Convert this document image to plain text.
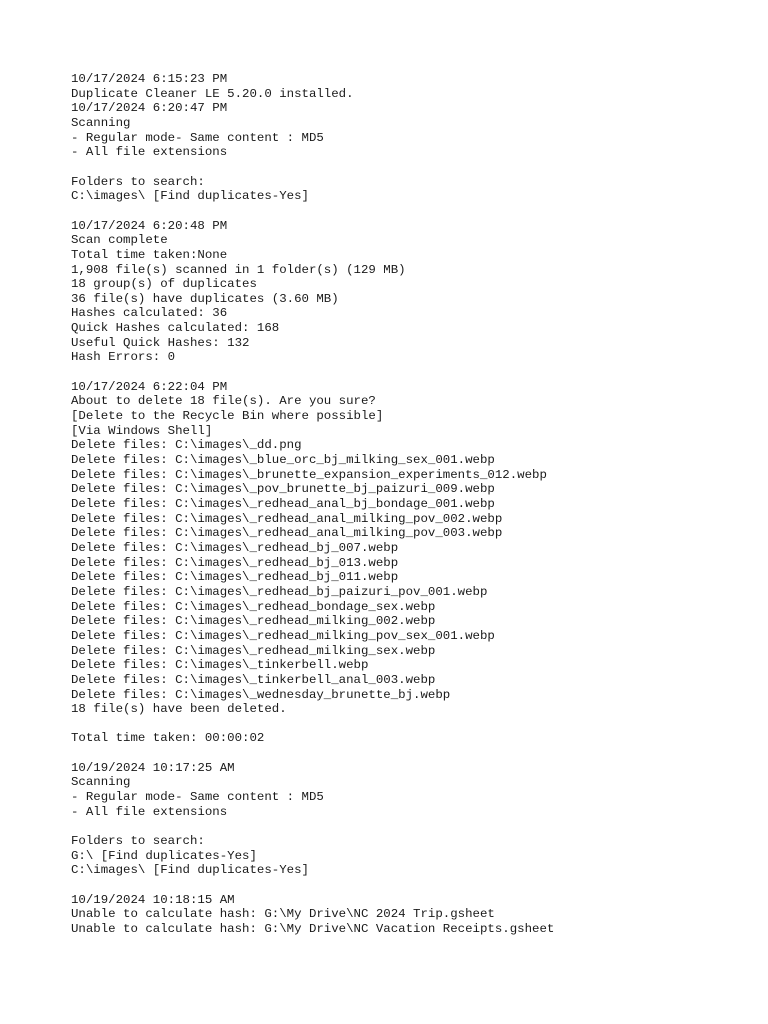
10/17/2024 6:15:23 PM
Duplicate Cleaner LE 5.20.0 installed.
10/17/2024 6:20:47 PM
Scanning
- Regular mode- Same content : MD5
- All file extensions
Folders to search:
C:\images\ [Find duplicates-Yes]
10/17/2024 6:20:48 PM
Scan complete
Total time taken:None
1,908 file(s) scanned in 1 folder(s) (129 MB)
18 group(s) of duplicates
36 file(s) have duplicates (3.60 MB)
Hashes calculated: 36
Quick Hashes calculated: 168
Useful Quick Hashes: 132
Hash Errors: 0
10/17/2024 6:22:04 PM
About to delete 18 file(s). Are you sure?
[Delete to the Recycle Bin where possible]
[Via Windows Shell]
Delete files: C:\images\_dd.png
Delete files: C:\images\_blue_orc_bj_milking_sex_001.webp
Delete files: C:\images\_brunette_expansion_experiments_012.webp
Delete files: C:\images\_pov_brunette_bj_paizuri_009.webp
Delete files: C:\images\_redhead_anal_bj_bondage_001.webp
Delete files: C:\images\_redhead_anal_milking_pov_002.webp
Delete files: C:\images\_redhead_anal_milking_pov_003.webp
Delete files: C:\images\_redhead_bj_007.webp
Delete files: C:\images\_redhead_bj_013.webp
Delete files: C:\images\_redhead_bj_011.webp
Delete files: C:\images\_redhead_bj_paizuri_pov_001.webp
Delete files: C:\images\_redhead_bondage_sex.webp
Delete files: C:\images\_redhead_milking_002.webp
Delete files: C:\images\_redhead_milking_pov_sex_001.webp
Delete files: C:\images\_redhead_milking_sex.webp
Delete files: C:\images\_tinkerbell.webp
Delete files: C:\images\_tinkerbell_anal_003.webp
Delete files: C:\images\_wednesday_brunette_bj.webp
18 file(s) have been deleted.
Total time taken: 00:00:02
10/19/2024 10:17:25 AM
Scanning
- Regular mode- Same content : MD5
- All file extensions
Folders to search:
G:\ [Find duplicates-Yes]
C:\images\ [Find duplicates-Yes]
10/19/2024 10:18:15 AM
Unable to calculate hash: G:\My Drive\NC 2024 Trip.gsheet
Unable to calculate hash: G:\My Drive\NC Vacation Receipts.gsheet
